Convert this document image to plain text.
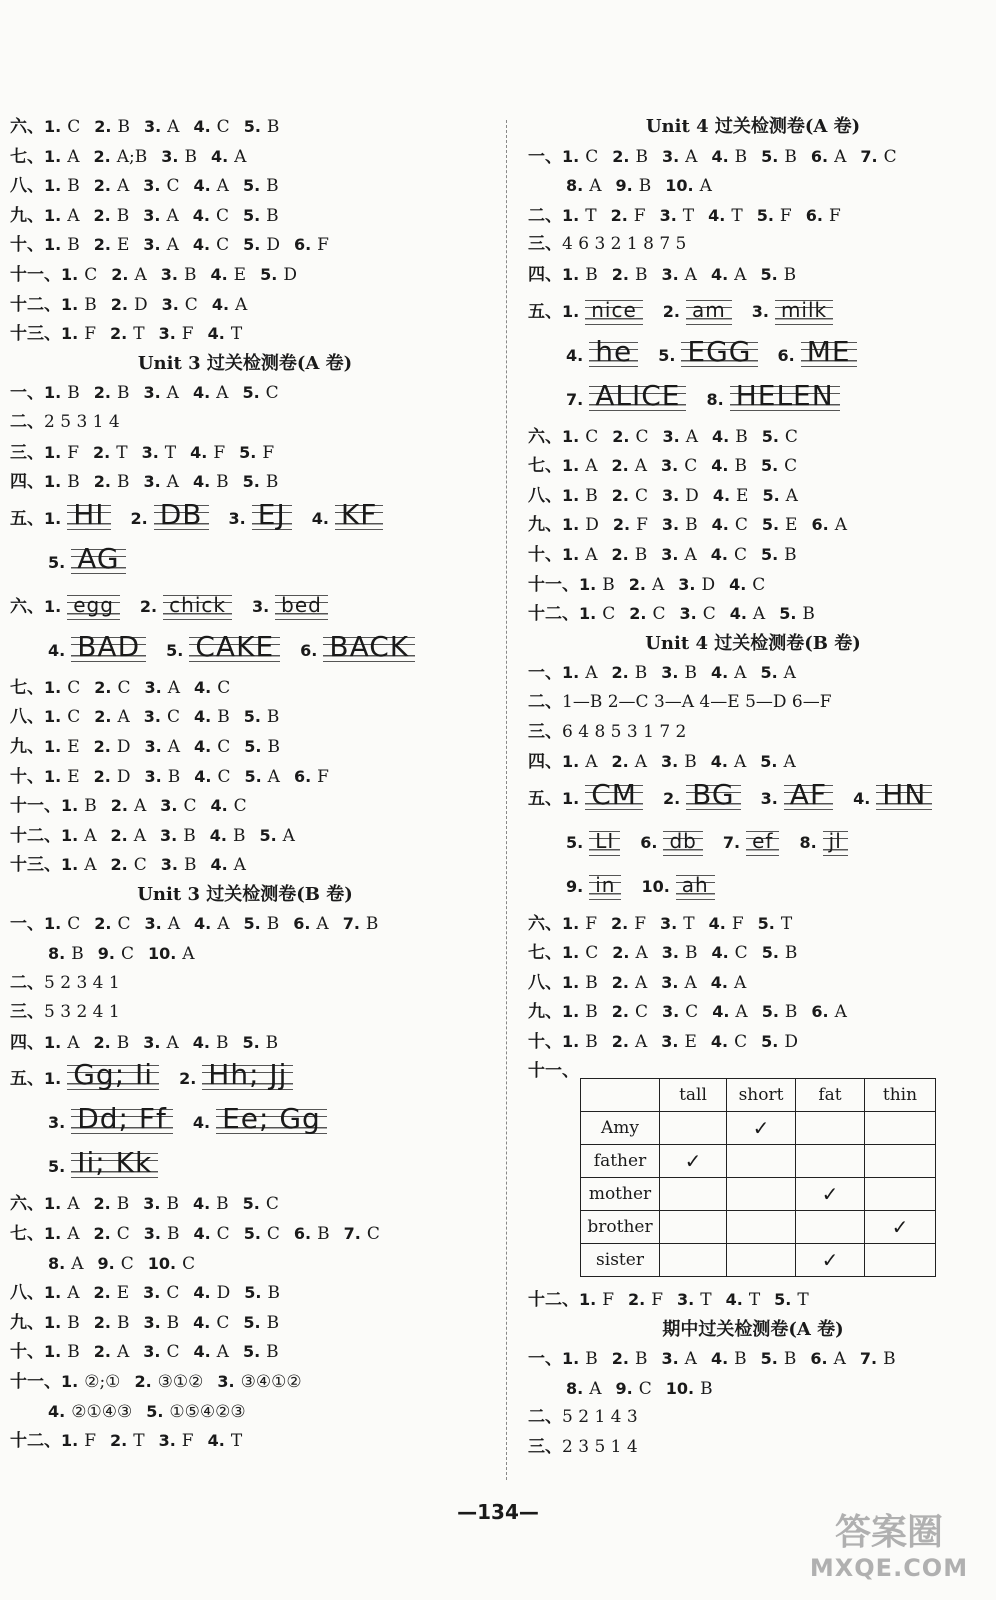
六、1. C 2. B 3. A 4. C 5. B
七、1. A 2. A;B 3. B 4. A
八、1. B 2. A 3. C 4. A 5. B
九、1. A 2. B 3. A 4. C 5. B
十、1. B 2. E 3. A 4. C 5. D 6. F
十一、1. C 2. A 3. B 4. E 5. D
十二、1. B 2. D 3. C 4. A
十三、1. F 2. T 3. F 4. T
Unit 3 过关检测卷(A 卷)
一、1. B 2. B 3. A 4. A 5. C
二、2 5 3 1 4
三、1. F 2. T 3. T 4. F 5. F
四、1. B 2. B 3. A 4. B 5. B
五、 1. HI	2. DB	3. EJ	4. KF
5. AG
六、 1. egg	2. chick	3. bed
4. BAD	5. CAKE	6. BACK
七、1. C 2. C 3. A 4. C
八、1. C 2. A 3. C 4. B 5. B
九、1. E 2. D 3. A 4. C 5. B
十、1. E 2. D 3. B 4. C 5. A 6. F
十一、1. B 2. A 3. C 4. C
十二、1. A 2. A 3. B 4. B 5. A
十三、1. A 2. C 3. B 4. A
Unit 3 过关检测卷(B 卷)
一、1. C 2. C 3. A 4. A 5. B 6. A 7. B
8. B 9. C 10. A
二、5 2 3 4 1
三、5 3 2 4 1
四、1. A 2. B 3. A 4. B 5. B
五、 1. Gg; Ii	2. Hh; Jj
3. Dd; Ff	4. Ee; Gg
5. Ii; Kk
六、1. A 2. B 3. B 4. B 5. C
七、1. A 2. C 3. B 4. C 5. C 6. B 7. C
8. A 9. C 10. C
八、1. A 2. E 3. C 4. D 5. B
九、1. B 2. B 3. B 4. C 5. B
十、1. B 2. A 3. C 4. A 5. B
十一、1. ②;① 2. ③①② 3. ③④①②
4. ②①④③ 5. ①⑤④②③
十二、1. F 2. T 3. F 4. T
Unit 4 过关检测卷(A 卷)
一、1. C 2. B 3. A 4. B 5. B 6. A 7. C
8. A 9. B 10. A
二、1. T 2. F 3. T 4. T 5. F 6. F
三、4 6 3 2 1 8 7 5
四、1. B 2. B 3. A 4. A 5. B
五、 1. nice	2. am	3. milk
4. he	5. EGG	6. ME
7. ALICE	8. HELEN
六、1. C 2. C 3. A 4. B 5. C
七、1. A 2. A 3. C 4. B 5. C
八、1. B 2. C 3. D 4. E 5. A
九、1. D 2. F 3. B 4. C 5. E 6. A
十、1. A 2. B 3. A 4. C 5. B
十一、1. B 2. A 3. D 4. C
十二、1. C 2. C 3. C 4. A 5. B
Unit 4 过关检测卷(B 卷)
一、1. A 2. B 3. B 4. A 5. A
二、1—B 2—C 3—A 4—E 5—D 6—F
三、6 4 8 5 3 1 7 2
四、1. A 2. A 3. B 4. A 5. A
五、 1. CM	2. BG	3. AF	4. HN
5. LI	6. db	7. ef	8. jl
9. in	10. ah
六、1. F 2. F 3. T 4. F 5. T
七、1. C 2. A 3. B 4. C 5. B
八、1. B 2. A 3. A 4. A
九、1. B 2. C 3. C 4. A 5. B 6. A
十、1. B 2. A 3. E 4. C 5. D
十一、
	tall	short	fat	thin
Amy		✓		
father	✓			
mother			✓	
brother				✓
sister			✓	
十二、1. F 2. F 3. T 4. T 5. T
期中过关检测卷(A 卷)
一、1. B 2. B 3. A 4. B 5. B 6. A 7. B
8. A 9. C 10. B
二、5 2 1 4 3
三、2 3 5 1 4
—134—	答案圈
MXQE.COM
